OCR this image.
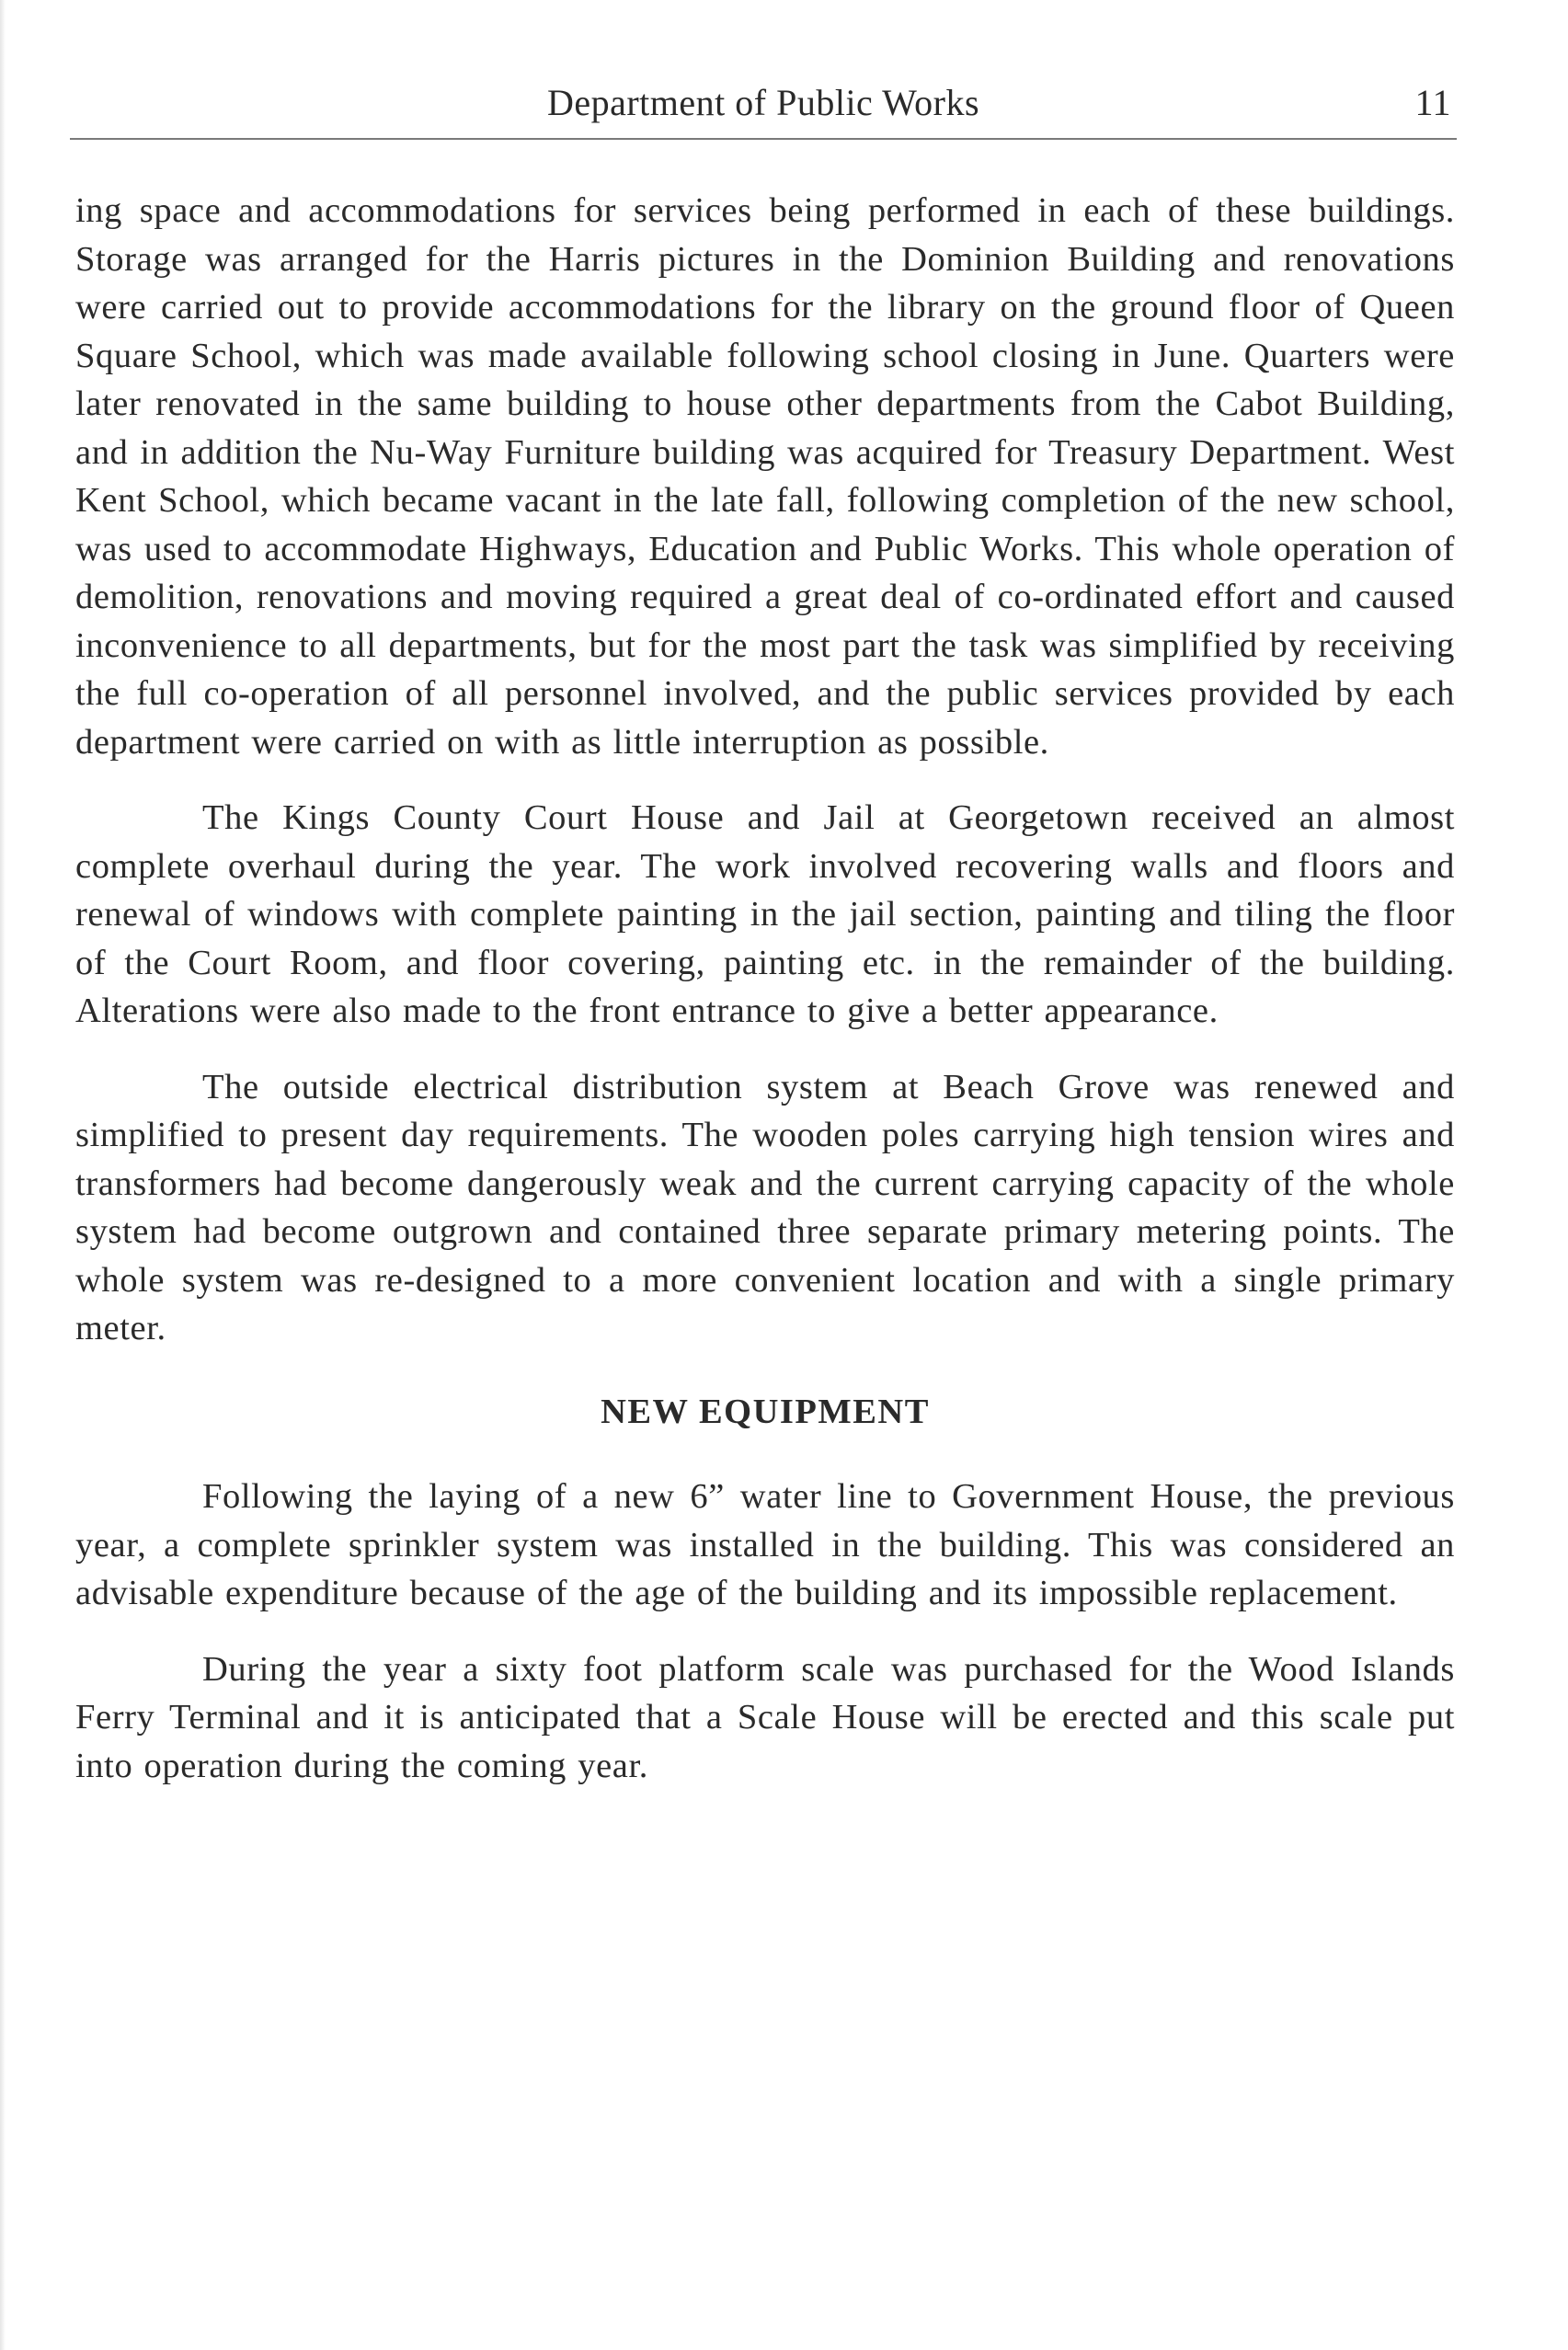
Department of Public Works	11

ing space and accommodations for services being performed in each of these buildings. Storage was arranged for the Harris pictures in the Dominion Building and renovations were carried out to provide accommodations for the library on the ground floor of Queen Square School, which was made available following school closing in June. Quarters were later renovated in the same building to house other departments from the Cabot Building, and in addition the Nu-Way Furniture building was acquired for Treasury Department. West Kent School, which became vacant in the late fall, following completion of the new school, was used to accommodate Highways, Education and Public Works. This whole operation of demolition, renovations and moving required a great deal of co-ordinated effort and caused inconvenience to all departments, but for the most part the task was simplified by receiving the full co-operation of all personnel involved, and the public services provided by each department were carried on with as little interruption as possible.

The Kings County Court House and Jail at Georgetown received an almost complete overhaul during the year. The work involved recovering walls and floors and renewal of windows with complete painting in the jail section, painting and tiling the floor of the Court Room, and floor covering, painting etc. in the remainder of the building. Alterations were also made to the front entrance to give a better appearance.

The outside electrical distribution system at Beach Grove was renewed and simplified to present day requirements. The wooden poles carrying high tension wires and transformers had become dangerously weak and the current carrying capacity of the whole system had become outgrown and contained three separate primary metering points. The whole system was re-designed to a more convenient location and with a single primary meter.

NEW EQUIPMENT

Following the laying of a new 6” water line to Government House, the previous year, a complete sprinkler system was installed in the building. This was considered an advisable expenditure because of the age of the building and its impossible replacement.

During the year a sixty foot platform scale was purchased for the Wood Islands Ferry Terminal and it is anticipated that a Scale House will be erected and this scale put into operation during the coming year.
